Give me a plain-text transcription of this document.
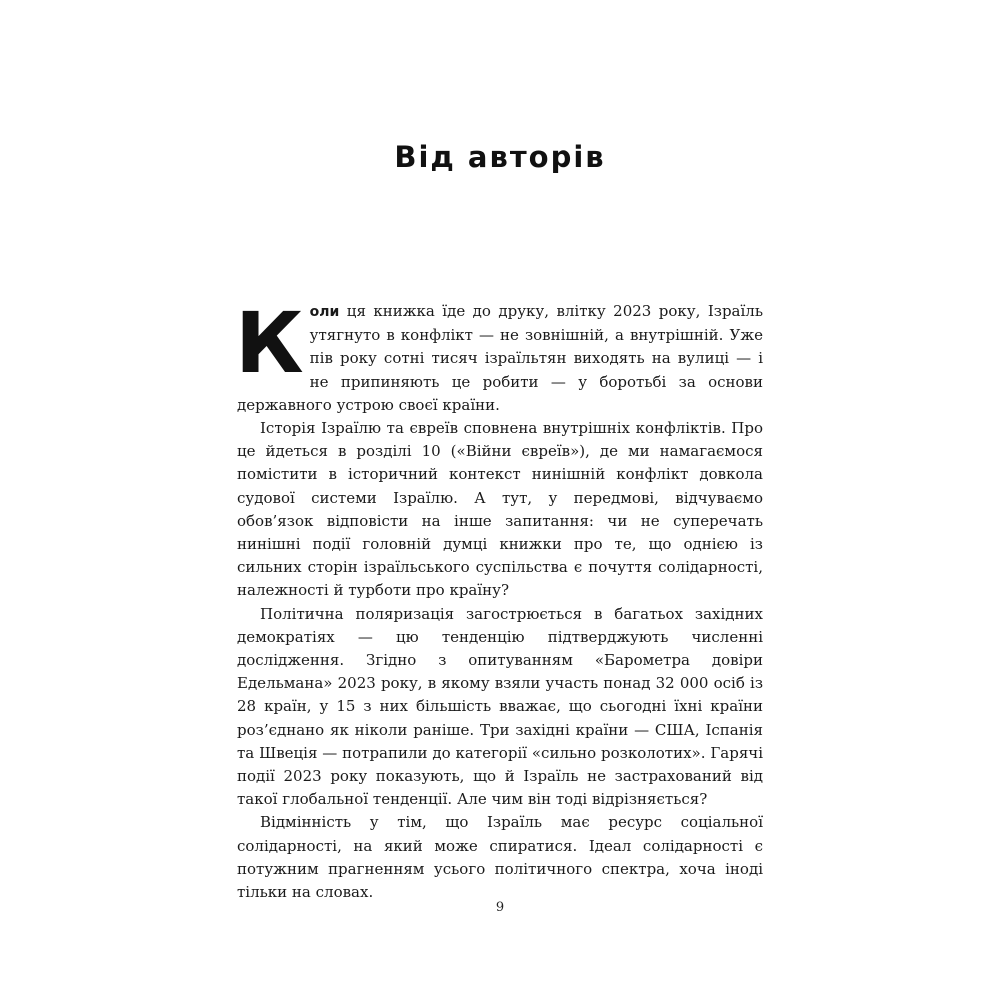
Від авторів

Коли ця книжка їде до друку, влітку 2023 року, Ізраїль утягнуто в конфлікт — не зовнішній, а внутрішній. Уже пів року сотні тисяч ізраїльтян виходять на вулиці — і не припиняють це робити — у боротьбі за основи державного устрою своєї країни.

Історія Ізраїлю та євреїв сповнена внутрішніх конфліктів. Про це йдеться в розділі 10 («Війни євреїв»), де ми намагаємося помістити в історичний контекст нинішній конфлікт довкола судової системи Ізраїлю. А тут, у передмові, відчуваємо обов’язок відповісти на інше запитання: чи не суперечать нинішні події головній думці книжки про те, що однією із сильних сторін ізраїльського суспільства є почуття солідарності, належності й турботи про країну?

Політична поляризація загострюється в багатьох західних демократіях — цю тенденцію підтверджують численні дослідження. Згідно з опитуванням «Барометра довіри Едельмана» 2023 року, в якому взяли участь понад 32 000 осіб із 28 країн, у 15 з них більшість вважає, що сьогодні їхні країни роз’єднано як ніколи раніше. Три західні країни — США, Іспанія та Швеція — потрапили до категорії «сильно розколотих». Гарячі події 2023 року показують, що й Ізраїль не застрахований від такої глобальної тенденції. Але чим він тоді відрізняється?

Відмінність у тім, що Ізраїль має ресурс соціальної солідарності, на який може спиратися. Ідеал солідарності є потужним прагненням усього політичного спектра, хоча іноді тільки на словах.

9
